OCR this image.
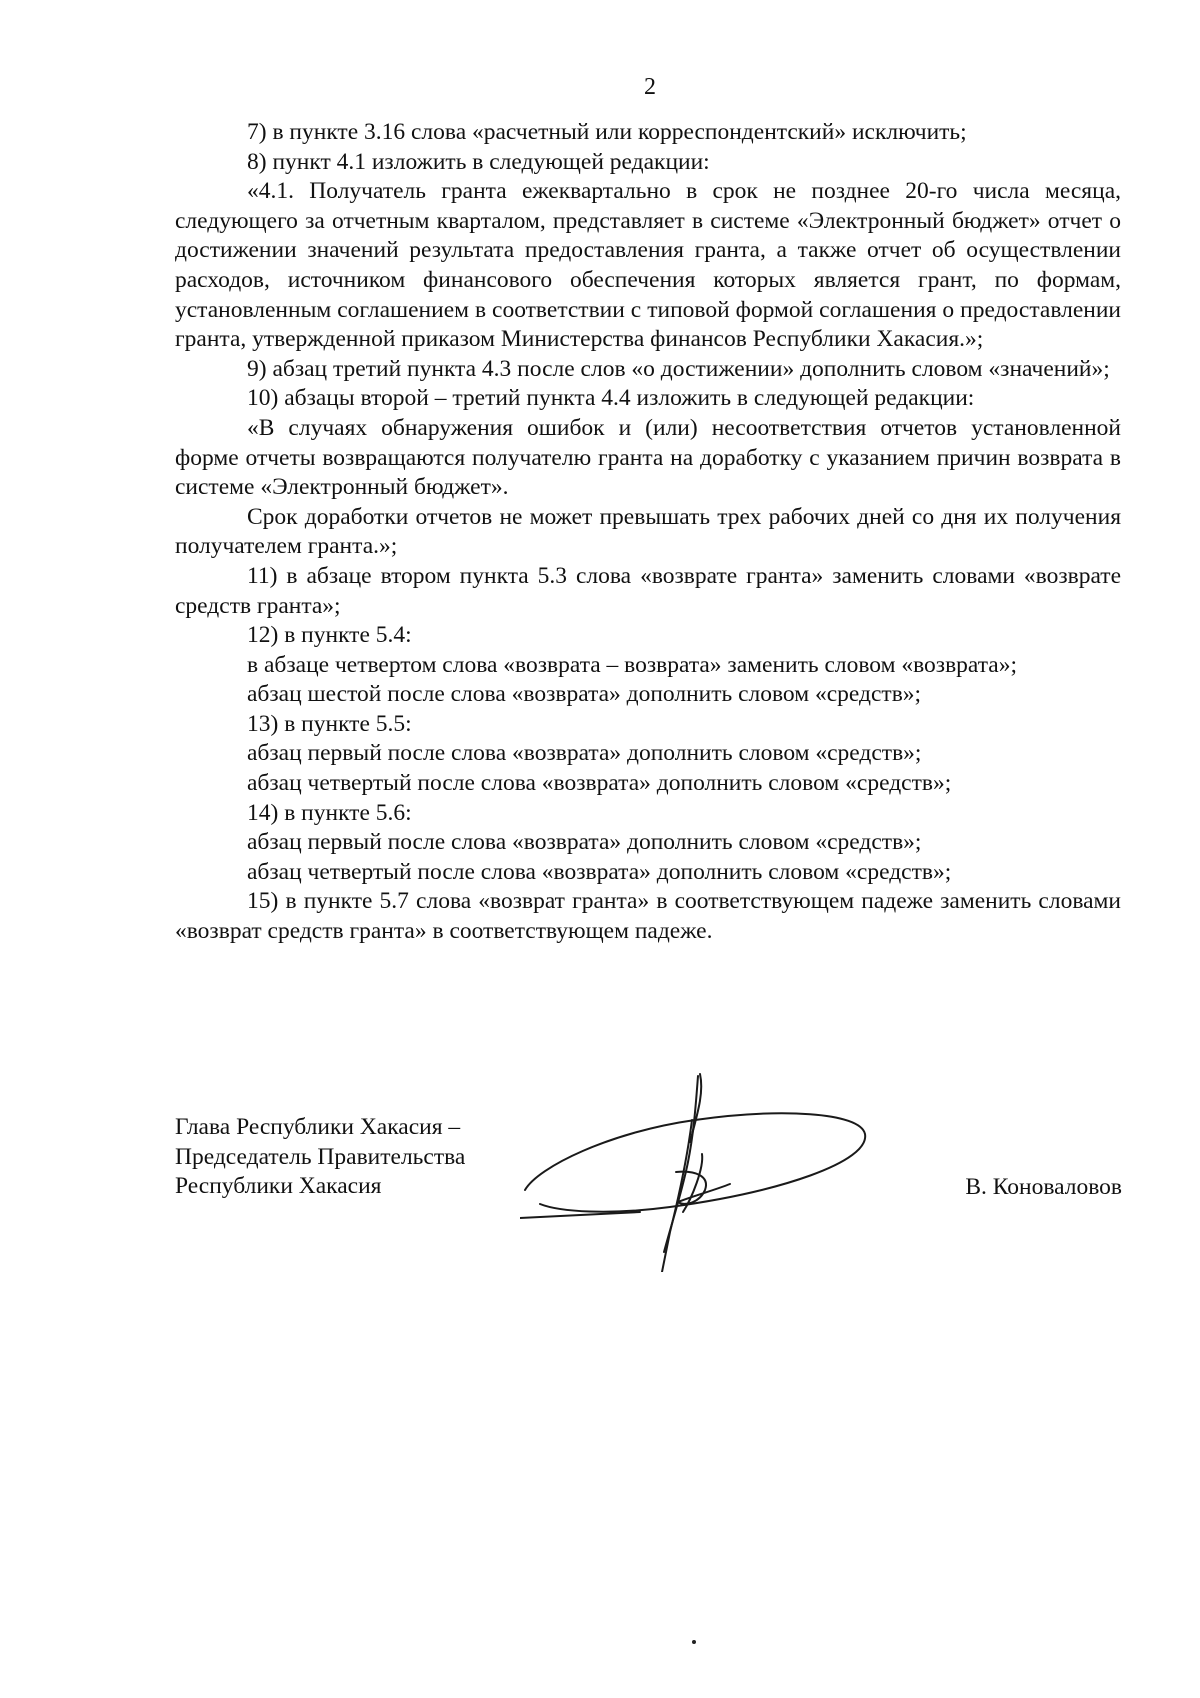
2

7) в пункте 3.16 слова «расчетный или корреспондентский» исключить;

8) пункт 4.1 изложить в следующей редакции:

«4.1. Получатель гранта ежеквартально в срок не позднее 20-го числа месяца, следующего за отчетным кварталом, представляет в системе «Электронный бюджет» отчет о достижении значений результата предоставления гранта, а также отчет об осуществлении расходов, источником финансового обеспечения которых является грант, по формам, установленным соглашением в соответствии с типовой формой соглашения о предоставлении гранта, утвержденной приказом Министерства финансов Республики Хакасия.»;

9) абзац третий пункта 4.3 после слов «о достижении» дополнить словом «значений»;

10) абзацы второй – третий пункта 4.4 изложить в следующей редакции:

«В случаях обнаружения ошибок и (или) несоответствия отчетов установленной форме отчеты возвращаются получателю гранта на доработку с указанием причин возврата в системе «Электронный бюджет».

Срок доработки отчетов не может превышать трех рабочих дней со дня их получения получателем гранта.»;

11) в абзаце втором пункта 5.3 слова «возврате гранта» заменить словами «возврате средств гранта»;

12) в пункте 5.4:

в абзаце четвертом слова «возврата – возврата» заменить словом «возврата»;

абзац шестой после слова «возврата» дополнить словом «средств»;

13) в пункте 5.5:

абзац первый после слова «возврата» дополнить словом «средств»;

абзац четвертый после слова «возврата» дополнить словом «средств»;

14) в пункте 5.6:

абзац первый после слова «возврата» дополнить словом «средств»;

абзац четвертый после слова «возврата» дополнить словом «средств»;

15) в пункте 5.7 слова «возврат гранта» в соответствующем падеже заменить словами «возврат средств гранта» в соответствующем падеже.

Глава Республики Хакасия –
Председатель Правительства
Республики Хакасия	В. Коноваловов
